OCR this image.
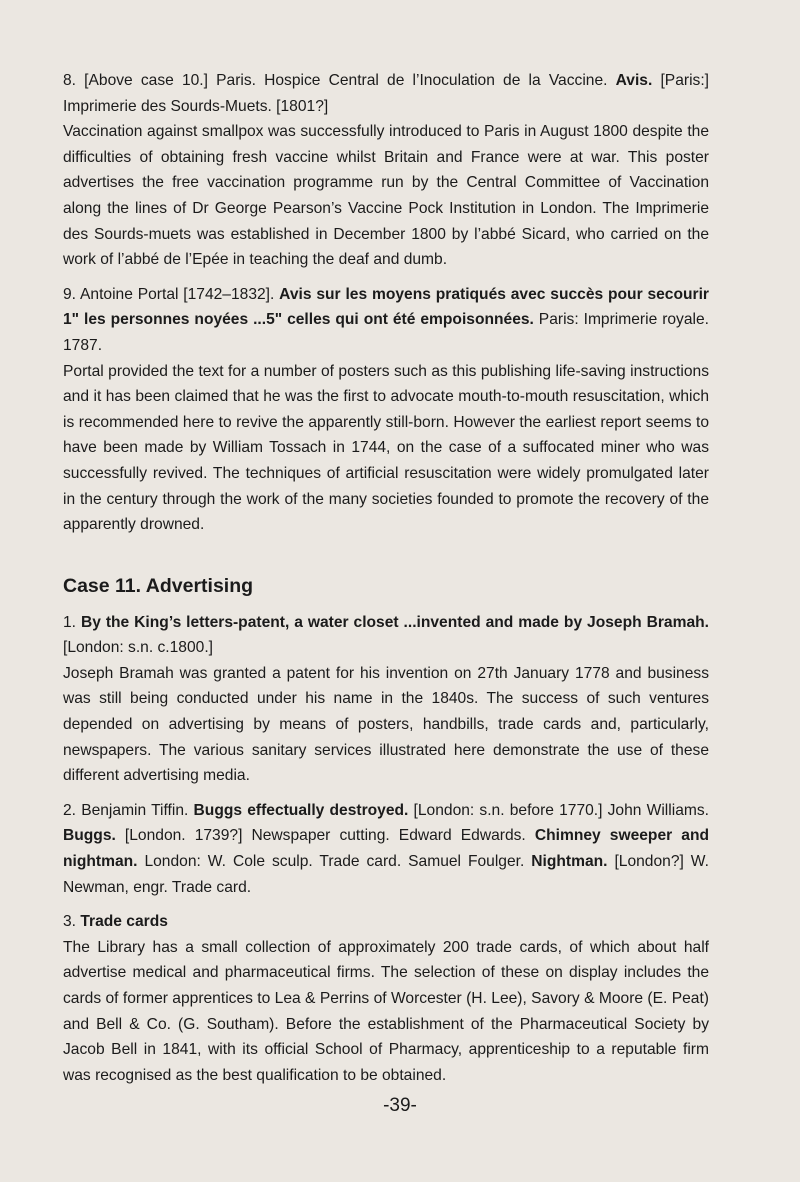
8. [Above case 10.] Paris. Hospice Central de l’Inoculation de la Vaccine. Avis. [Paris:] Imprimerie des Sourds-Muets. [1801?]

Vaccination against smallpox was successfully introduced to Paris in August 1800 despite the difficulties of obtaining fresh vaccine whilst Britain and France were at war. This poster advertises the free vaccination programme run by the Central Committee of Vaccination along the lines of Dr George Pearson’s Vaccine Pock Institution in London. The Imprimerie des Sourds-muets was established in December 1800 by l’abbé Sicard, who carried on the work of l’abbé de l’Epée in teaching the deaf and dumb.

9. Antoine Portal [1742–1832]. Avis sur les moyens pratiqués avec succès pour secourir 1" les personnes noyées ...5" celles qui ont été empoisonnées. Paris: Imprimerie royale. 1787.

Portal provided the text for a number of posters such as this publishing life-saving instructions and it has been claimed that he was the first to advocate mouth-to-mouth resuscitation, which is recommended here to revive the apparently still-born. However the earliest report seems to have been made by William Tossach in 1744, on the case of a suffocated miner who was successfully revived. The techniques of artificial resuscitation were widely promulgated later in the century through the work of the many societies founded to promote the recovery of the apparently drowned.

Case 11. Advertising

1. By the King’s letters-patent, a water closet ...invented and made by Joseph Bramah. [London: s.n. c.1800.]

Joseph Bramah was granted a patent for his invention on 27th January 1778 and business was still being conducted under his name in the 1840s. The success of such ventures depended on advertising by means of posters, handbills, trade cards and, particularly, newspapers. The various sanitary services illustrated here demonstrate the use of these different advertising media.

2. Benjamin Tiffin. Buggs effectually destroyed. [London: s.n. before 1770.] John Williams. Buggs. [London. 1739?] Newspaper cutting. Edward Edwards. Chimney sweeper and nightman. London: W. Cole sculp. Trade card. Samuel Foulger. Nightman. [London?] W. Newman, engr. Trade card.

3. Trade cards

The Library has a small collection of approximately 200 trade cards, of which about half advertise medical and pharmaceutical firms. The selection of these on display includes the cards of former apprentices to Lea & Perrins of Worcester (H. Lee), Savory & Moore (E. Peat) and Bell & Co. (G. Southam). Before the establishment of the Pharmaceutical Society by Jacob Bell in 1841, with its official School of Pharmacy, apprenticeship to a reputable firm was recognised as the best qualification to be obtained.

-39-
